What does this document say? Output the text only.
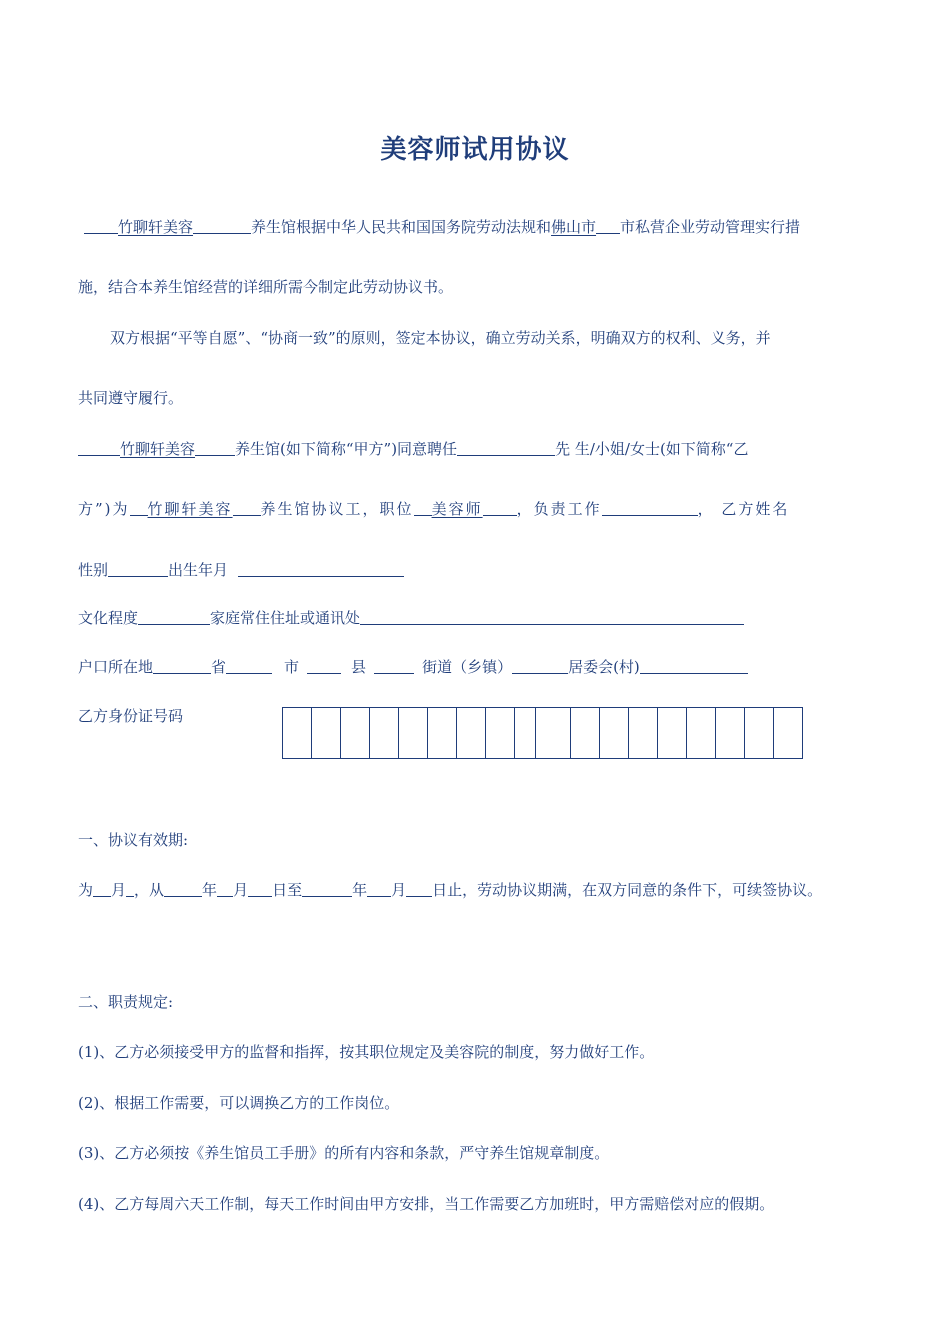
美容师试用协议
竹聊轩美容	养生馆根据中华人民共和国国务院劳动法规和佛山市 市私营企业劳动管理实行措
施，结合本养生馆经营的详细所需今制定此劳动协议书。
双方根据“平等自愿”、“协商一致”的原则，签定本协议，确立劳动关系，明确双方的权利、义务，并
共同遵守履行。
竹聊轩美容	养生馆(如下简称“甲方”)同意聘任	先 生/小姐/女士(如下简称“乙
方”)为 竹聊轩美容 养生馆协议工，职位 美容师 ，负责工作	， 乙方姓名
性别	出生年月
文化程度	家庭常住住址或通讯处
户口所在地	省	市	县	街道（乡镇）	居委会(村)
乙方身份证号码
一、协议有效期:
为 月 ，从	年 月 日至	年 月 日止，劳动协议期满，在双方同意的条件下，可续签协议。
二、职责规定:
(1)、乙方必须接受甲方的监督和指挥，按其职位规定及美容院的制度，努力做好工作。
(2)、根据工作需要，可以调换乙方的工作岗位。
(3)、乙方必须按《养生馆员工手册》的所有内容和条款，严守养生馆规章制度。
(4)、乙方每周六天工作制，每天工作时间由甲方安排，当工作需要乙方加班时，甲方需赔偿对应的假期。
